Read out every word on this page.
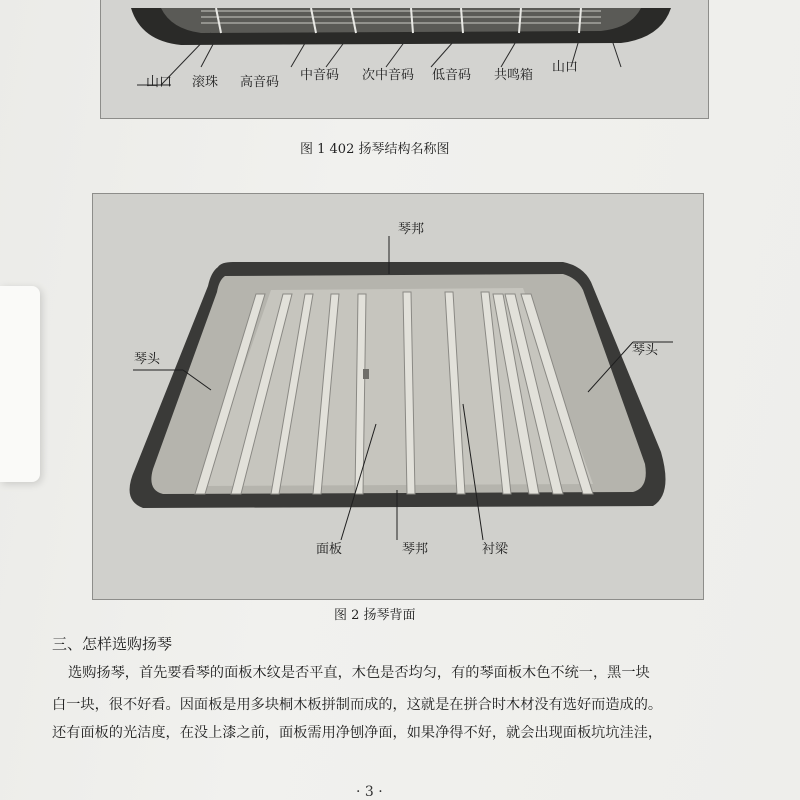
山口 滚珠 高音码 中音码 次中音码 低音码 共鸣箱
山口
图 1 402 扬琴结构名称图
琴邦
琴头
琴头
面板	琴邦	衬梁
图 2 扬琴背面
三、怎样选购扬琴
选购扬琴，首先要看琴的面板木纹是否平直，木色是否均匀，有的琴面板木色不统一，黑一块
白一块，很不好看。因面板是用多块桐木板拼制而成的，这就是在拼合时木材没有选好而造成的。
还有面板的光洁度，在没上漆之前，面板需用净刨净面，如果净得不好，就会出现面板坑坑洼洼，
· 3 ·
